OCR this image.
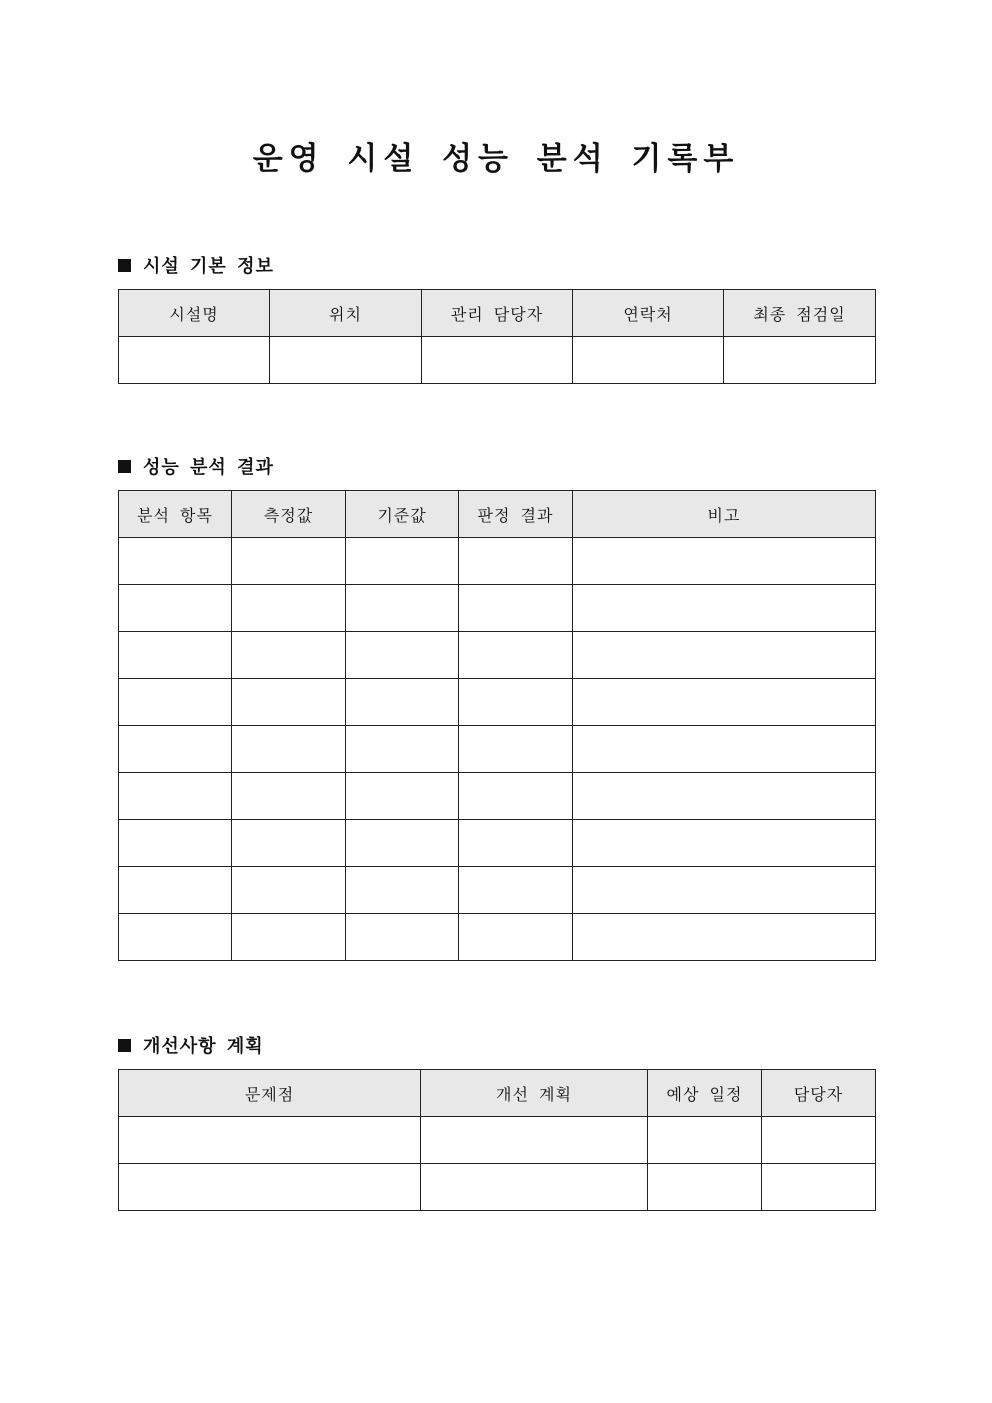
운영 시설 성능 분석 기록부
시설 기본 정보
시설명	위치	관리 담당자	연락처	최종 점검일

성능 분석 결과
분석 항목	측정값	기준값	판정 결과	비고

개선사항 계획
문제점	개선 계획	예상 일정	담당자
